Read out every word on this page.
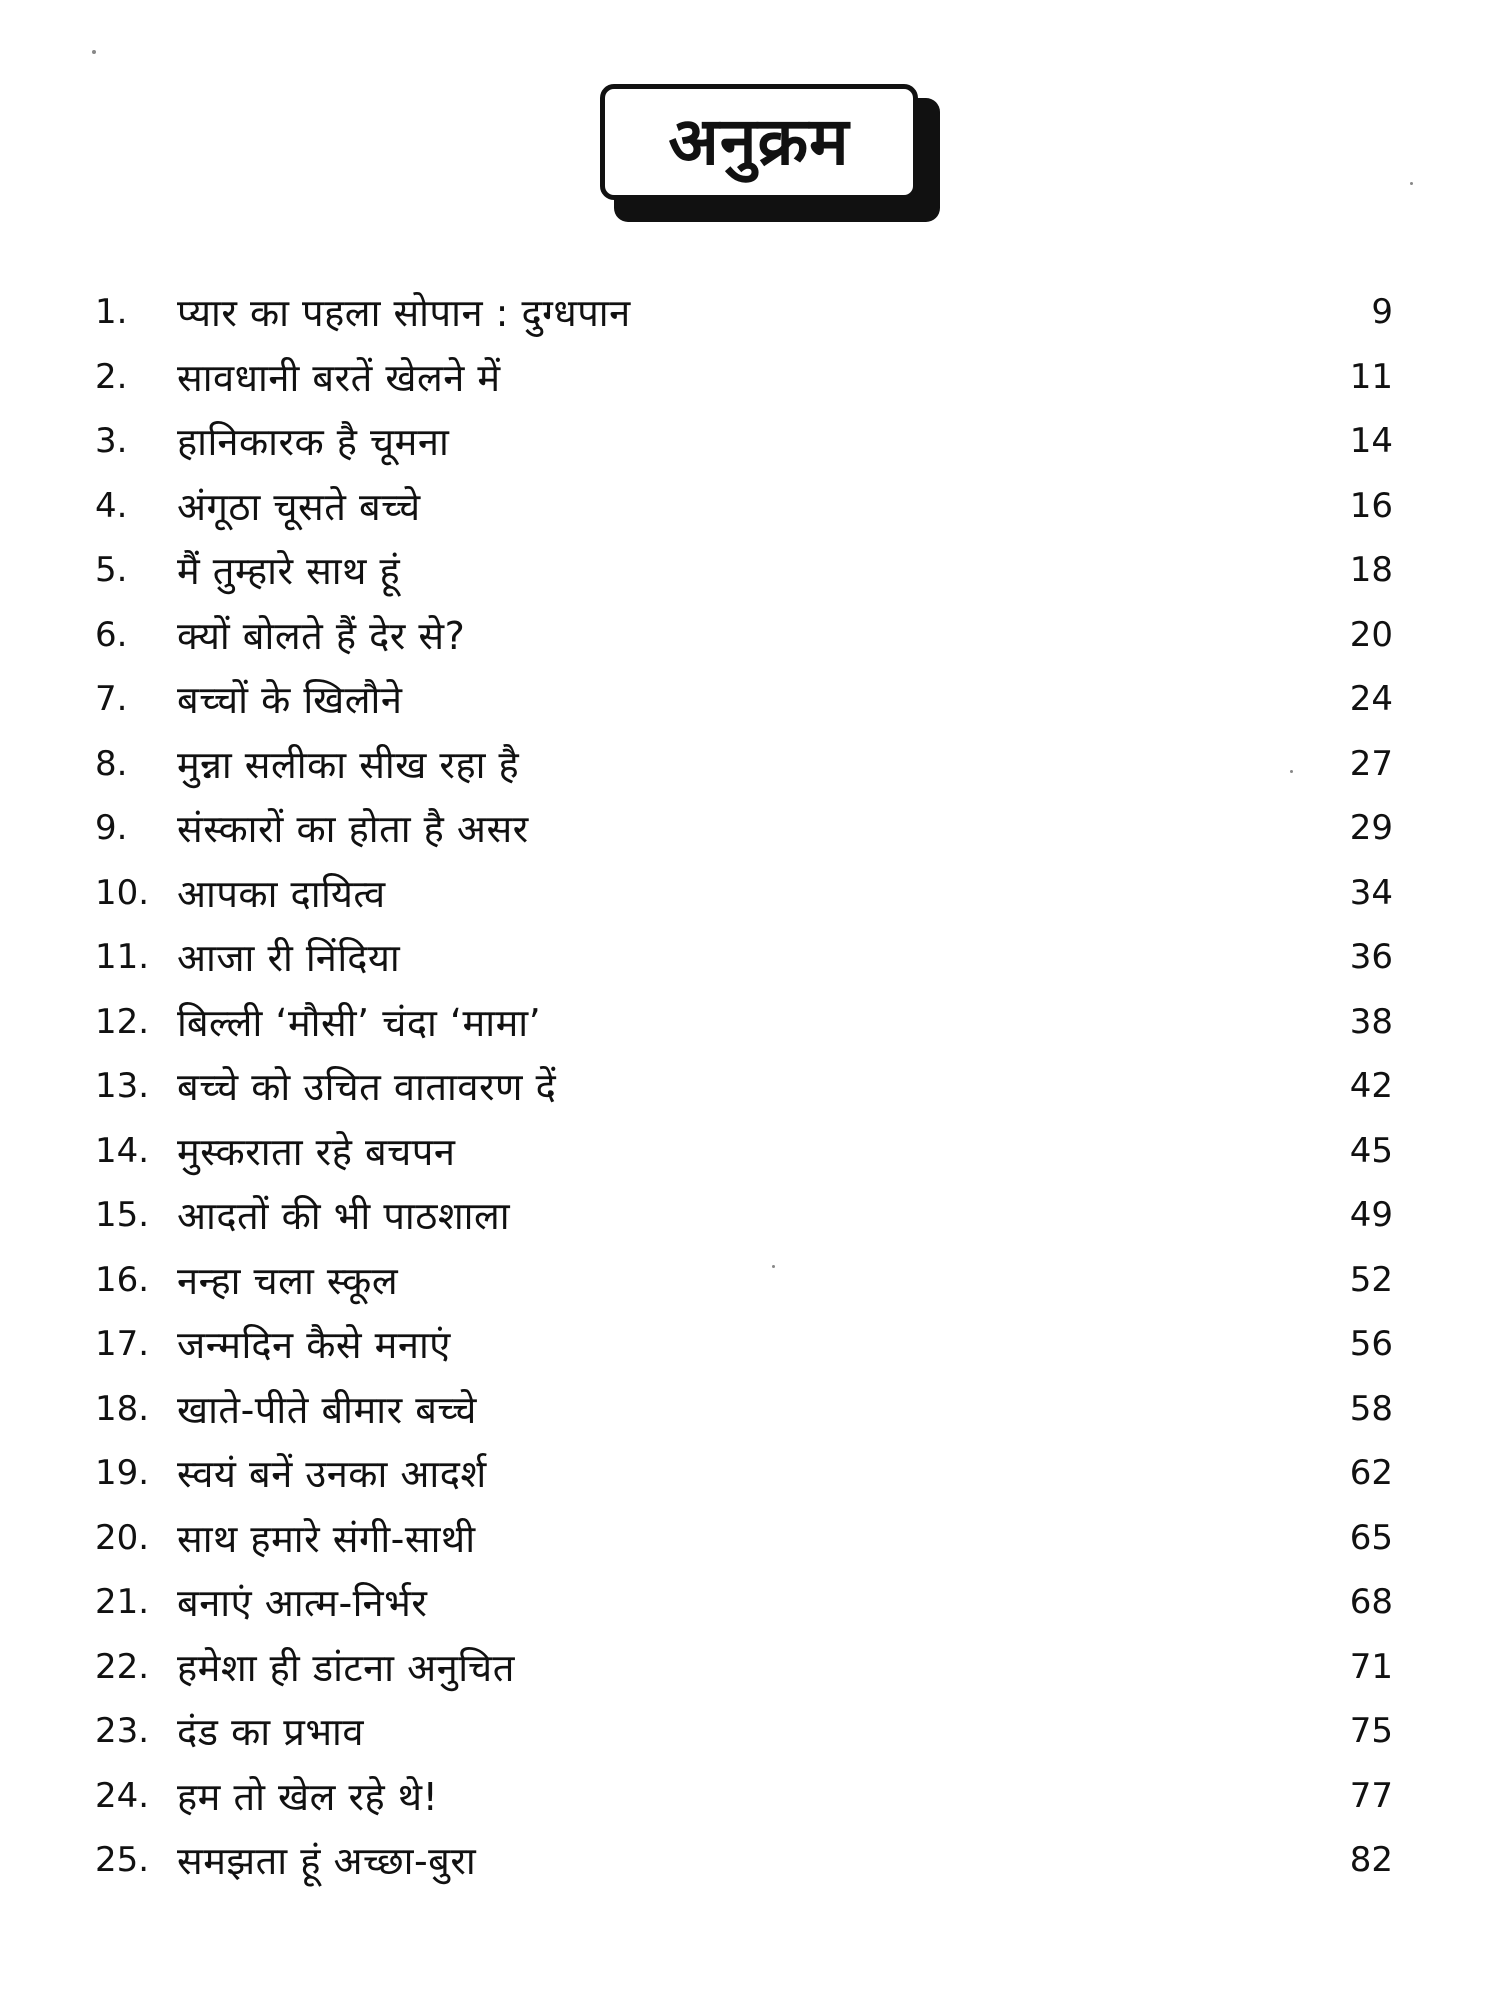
अनुक्रम
1.	प्यार का पहला सोपान : दुग्धपान	9
2.	सावधानी बरतें खेलने में	11
3.	हानिकारक है चूमना	14
4.	अंगूठा चूसते बच्चे	16
5.	मैं तुम्हारे साथ हूं	18
6.	क्यों बोलते हैं देर से?	20
7.	बच्चों के खिलौने	24
8.	मुन्ना सलीका सीख रहा है	27
9.	संस्कारों का होता है असर	29
10. आपका दायित्व	34
11. आजा री निंदिया	36
12. बिल्ली ‘मौसी’ चंदा ‘मामा’	38
13. बच्चे को उचित वातावरण दें	42
14. मुस्कराता रहे बचपन	45
15. आदतों की भी पाठशाला	49
16. नन्हा चला स्कूल	52
17. जन्मदिन कैसे मनाएं	56
18. खाते-पीते बीमार बच्चे	58
19. स्वयं बनें उनका आदर्श	62
20. साथ हमारे संगी-साथी	65
21. बनाएं आत्म-निर्भर	68
22. हमेशा ही डांटना अनुचित	71
23. दंड का प्रभाव	75
24. हम तो खेल रहे थे!	77
25. समझता हूं अच्छा-बुरा	82
